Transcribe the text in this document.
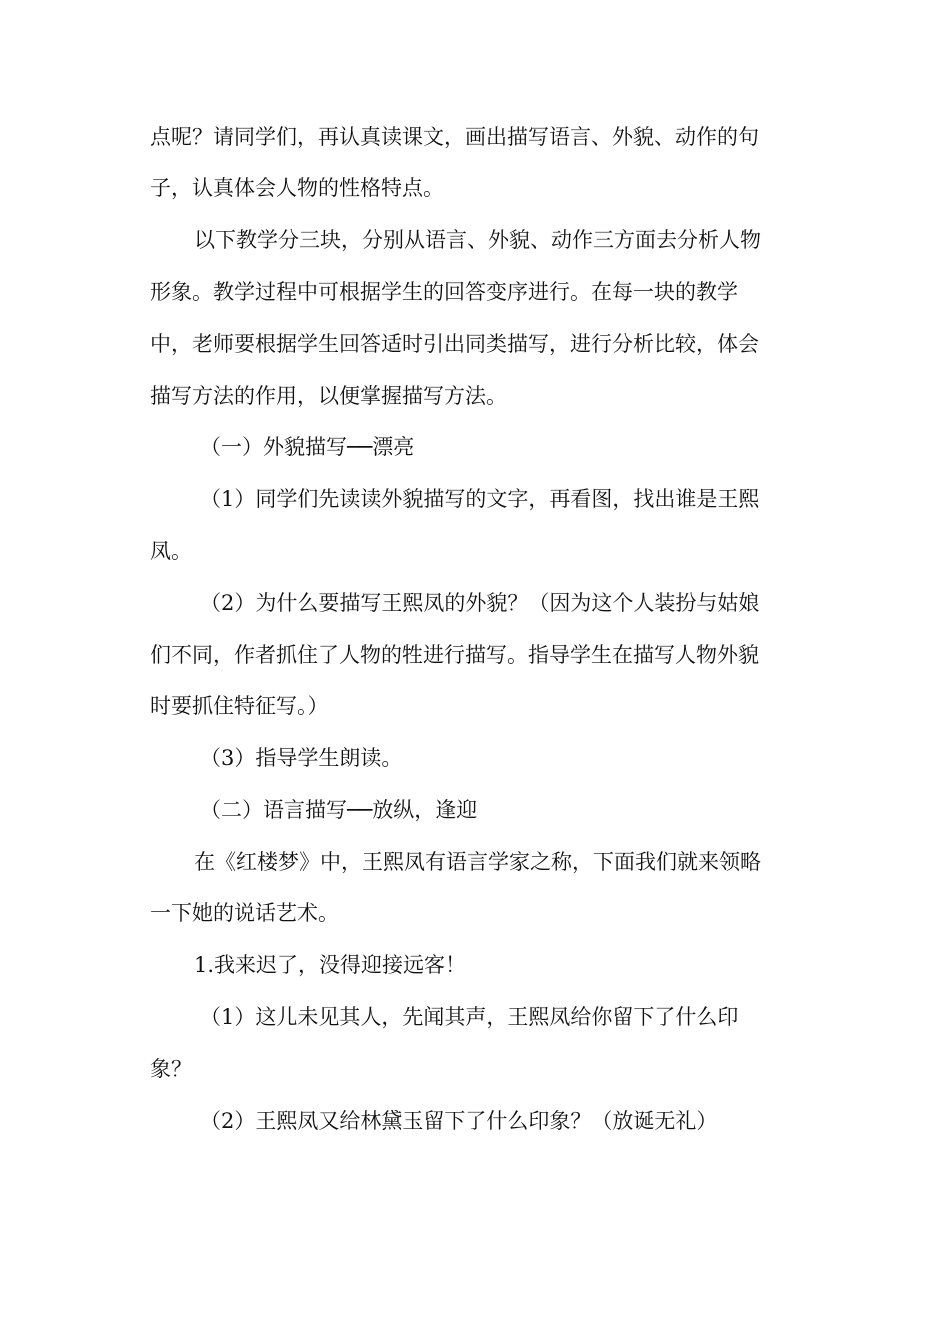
点呢？请同学们，再认真读课文，画出描写语言、外貌、动作的句
子，认真体会人物的性格特点。
以下教学分三块，分别从语言、外貌、动作三方面去分析人物
形象。教学过程中可根据学生的回答变序进行。在每一块的教学
中，老师要根据学生回答适时引出同类描写，进行分析比较，体会
描写方法的作用，以便掌握描写方法。
（一）外貌描写──漂亮
（1）同学们先读读外貌描写的文字，再看图，找出谁是王熙
凤。
（2）为什么要描写王熙凤的外貌？（因为这个人装扮与姑娘
们不同，作者抓住了人物的牲进行描写。指导学生在描写人物外貌
时要抓住特征写。）
（3）指导学生朗读。
（二）语言描写──放纵，逢迎
在《红楼梦》中，王熙凤有语言学家之称，下面我们就来领略
一下她的说话艺术。
1.我来迟了，没得迎接远客！
（1）这儿未见其人，先闻其声，王熙凤给你留下了什么印
象？
（2）王熙凤又给林黛玉留下了什么印象？（放诞无礼）
